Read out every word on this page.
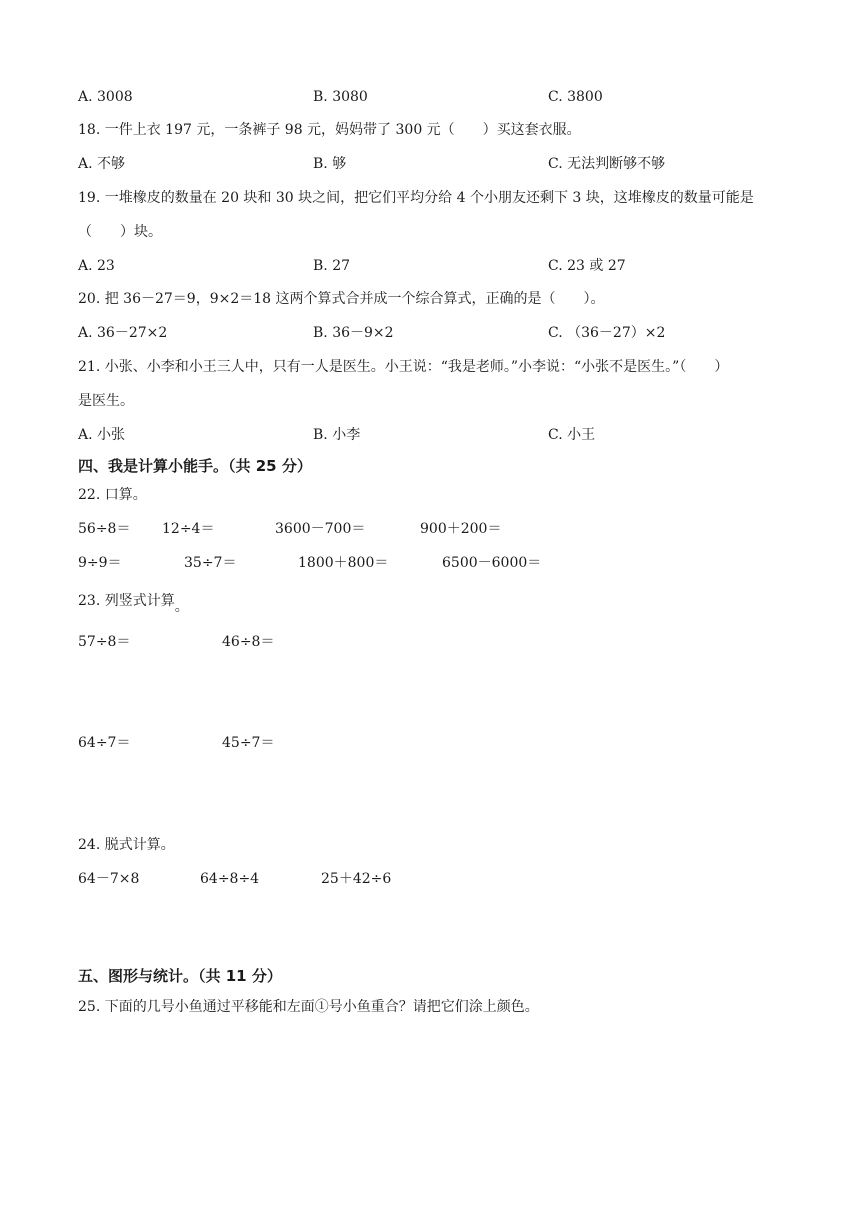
A. 3008	B. 3080	C. 3800
18. 一件上衣 197 元，一条裤子 98 元，妈妈带了 300 元（　　）买这套衣服。
A. 不够	B. 够	C. 无法判断够不够
19. 一堆橡皮的数量在 20 块和 30 块之间，把它们平均分给 4 个小朋友还剩下 3 块，这堆橡皮的数量可能是
（　　）块。
A. 23	B. 27	C. 23 或 27
20. 把 36－27＝9，9×2＝18 这两个算式合并成一个综合算式，正确的是（　　）。
A. 36－27×2	B. 36－9×2	C. （36－27）×2
21. 小张、小李和小王三人中，只有一人是医生。小王说：“我是老师。”小李说：“小张不是医生。”（　　）
是医生。
A. 小张	B. 小李	C. 小王
四、我是计算小能手。（共 25 分）
22. 口算。
56÷8＝ 12÷4＝	3600－700＝	900＋200＝
9÷9＝	35÷7＝	1800＋800＝	6500－6000＝
23. 列竖式计算。
57÷8＝	46÷8＝
64÷7＝	45÷7＝
24. 脱式计算。
64－7×8	64÷8÷4	25＋42÷6
五、图形与统计。（共 11 分）
25. 下面的几号小鱼通过平移能和左面①号小鱼重合？请把它们涂上颜色。
